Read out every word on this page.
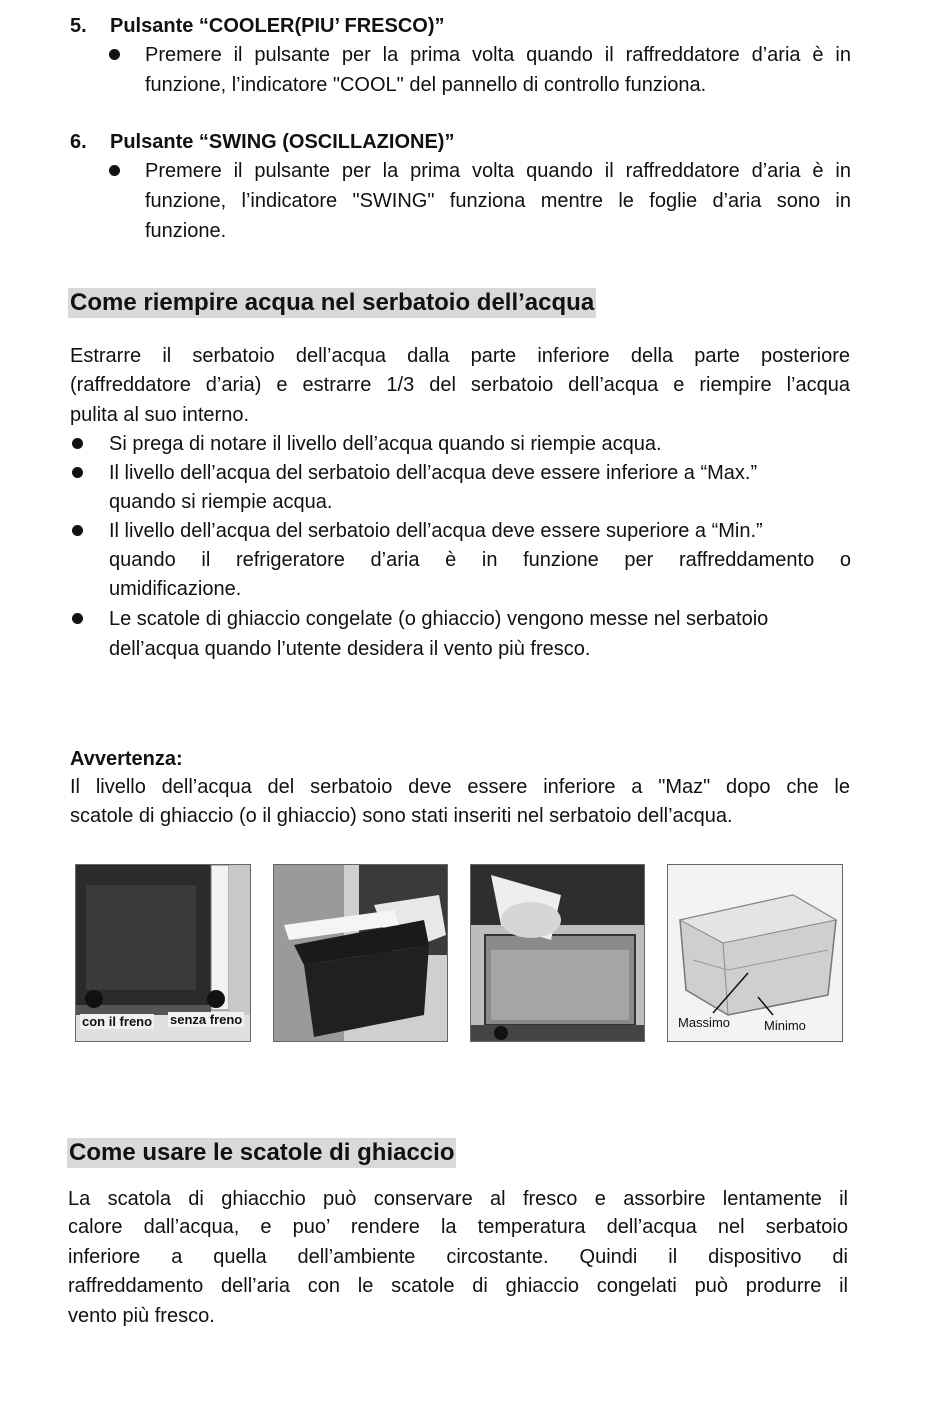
5. Pulsante “COOLER(PIU’ FRESCO)”
Premere il pulsante per la prima volta quando il raffreddatore d’aria è in
funzione, l’indicatore "COOL" del pannello di controllo funziona.
6. Pulsante “SWING (OSCILLAZIONE)”
Premere il pulsante per la prima volta quando il raffreddatore d’aria è in
funzione, l’indicatore "SWING" funziona mentre le foglie d’aria sono in
funzione.
Come riempire acqua nel serbatoio dell’acqua
Estrarre il serbatoio dell’acqua dalla parte inferiore della parte posteriore
(raffreddatore d’aria) e estrarre 1/3 del serbatoio dell’acqua e riempire l’acqua
pulita al suo interno.
Si prega di notare il livello dell’acqua quando si riempie acqua.
Il livello dell’acqua del serbatoio dell’acqua deve essere inferiore a “Max.”
quando si riempie acqua.
Il livello dell’acqua del serbatoio dell’acqua deve essere superiore a “Min.”
quando il refrigeratore d’aria è in funzione per raffreddamento o
umidificazione.
Le scatole di ghiaccio congelate (o ghiaccio) vengono messe nel serbatoio
dell’acqua quando l’utente desidera il vento più fresco.
Avvertenza:
Il livello dell’acqua del serbatoio deve essere inferiore a "Maz" dopo che le
scatole di ghiaccio (o il ghiaccio) sono stati inseriti nel serbatoio dell’acqua.
con il freno senza freno	Massimo	Minimo
Come usare le scatole di ghiaccio
La scatola di ghiacchio può conservare al fresco e assorbire lentamente il
calore dall’acqua, e puo’ rendere la temperatura dell’acqua nel serbatoio
inferiore a quella dell’ambiente circostante. Quindi il dispositivo di
raffreddamento dell’aria con le scatole di ghiaccio congelati può produrre il
vento più fresco.
